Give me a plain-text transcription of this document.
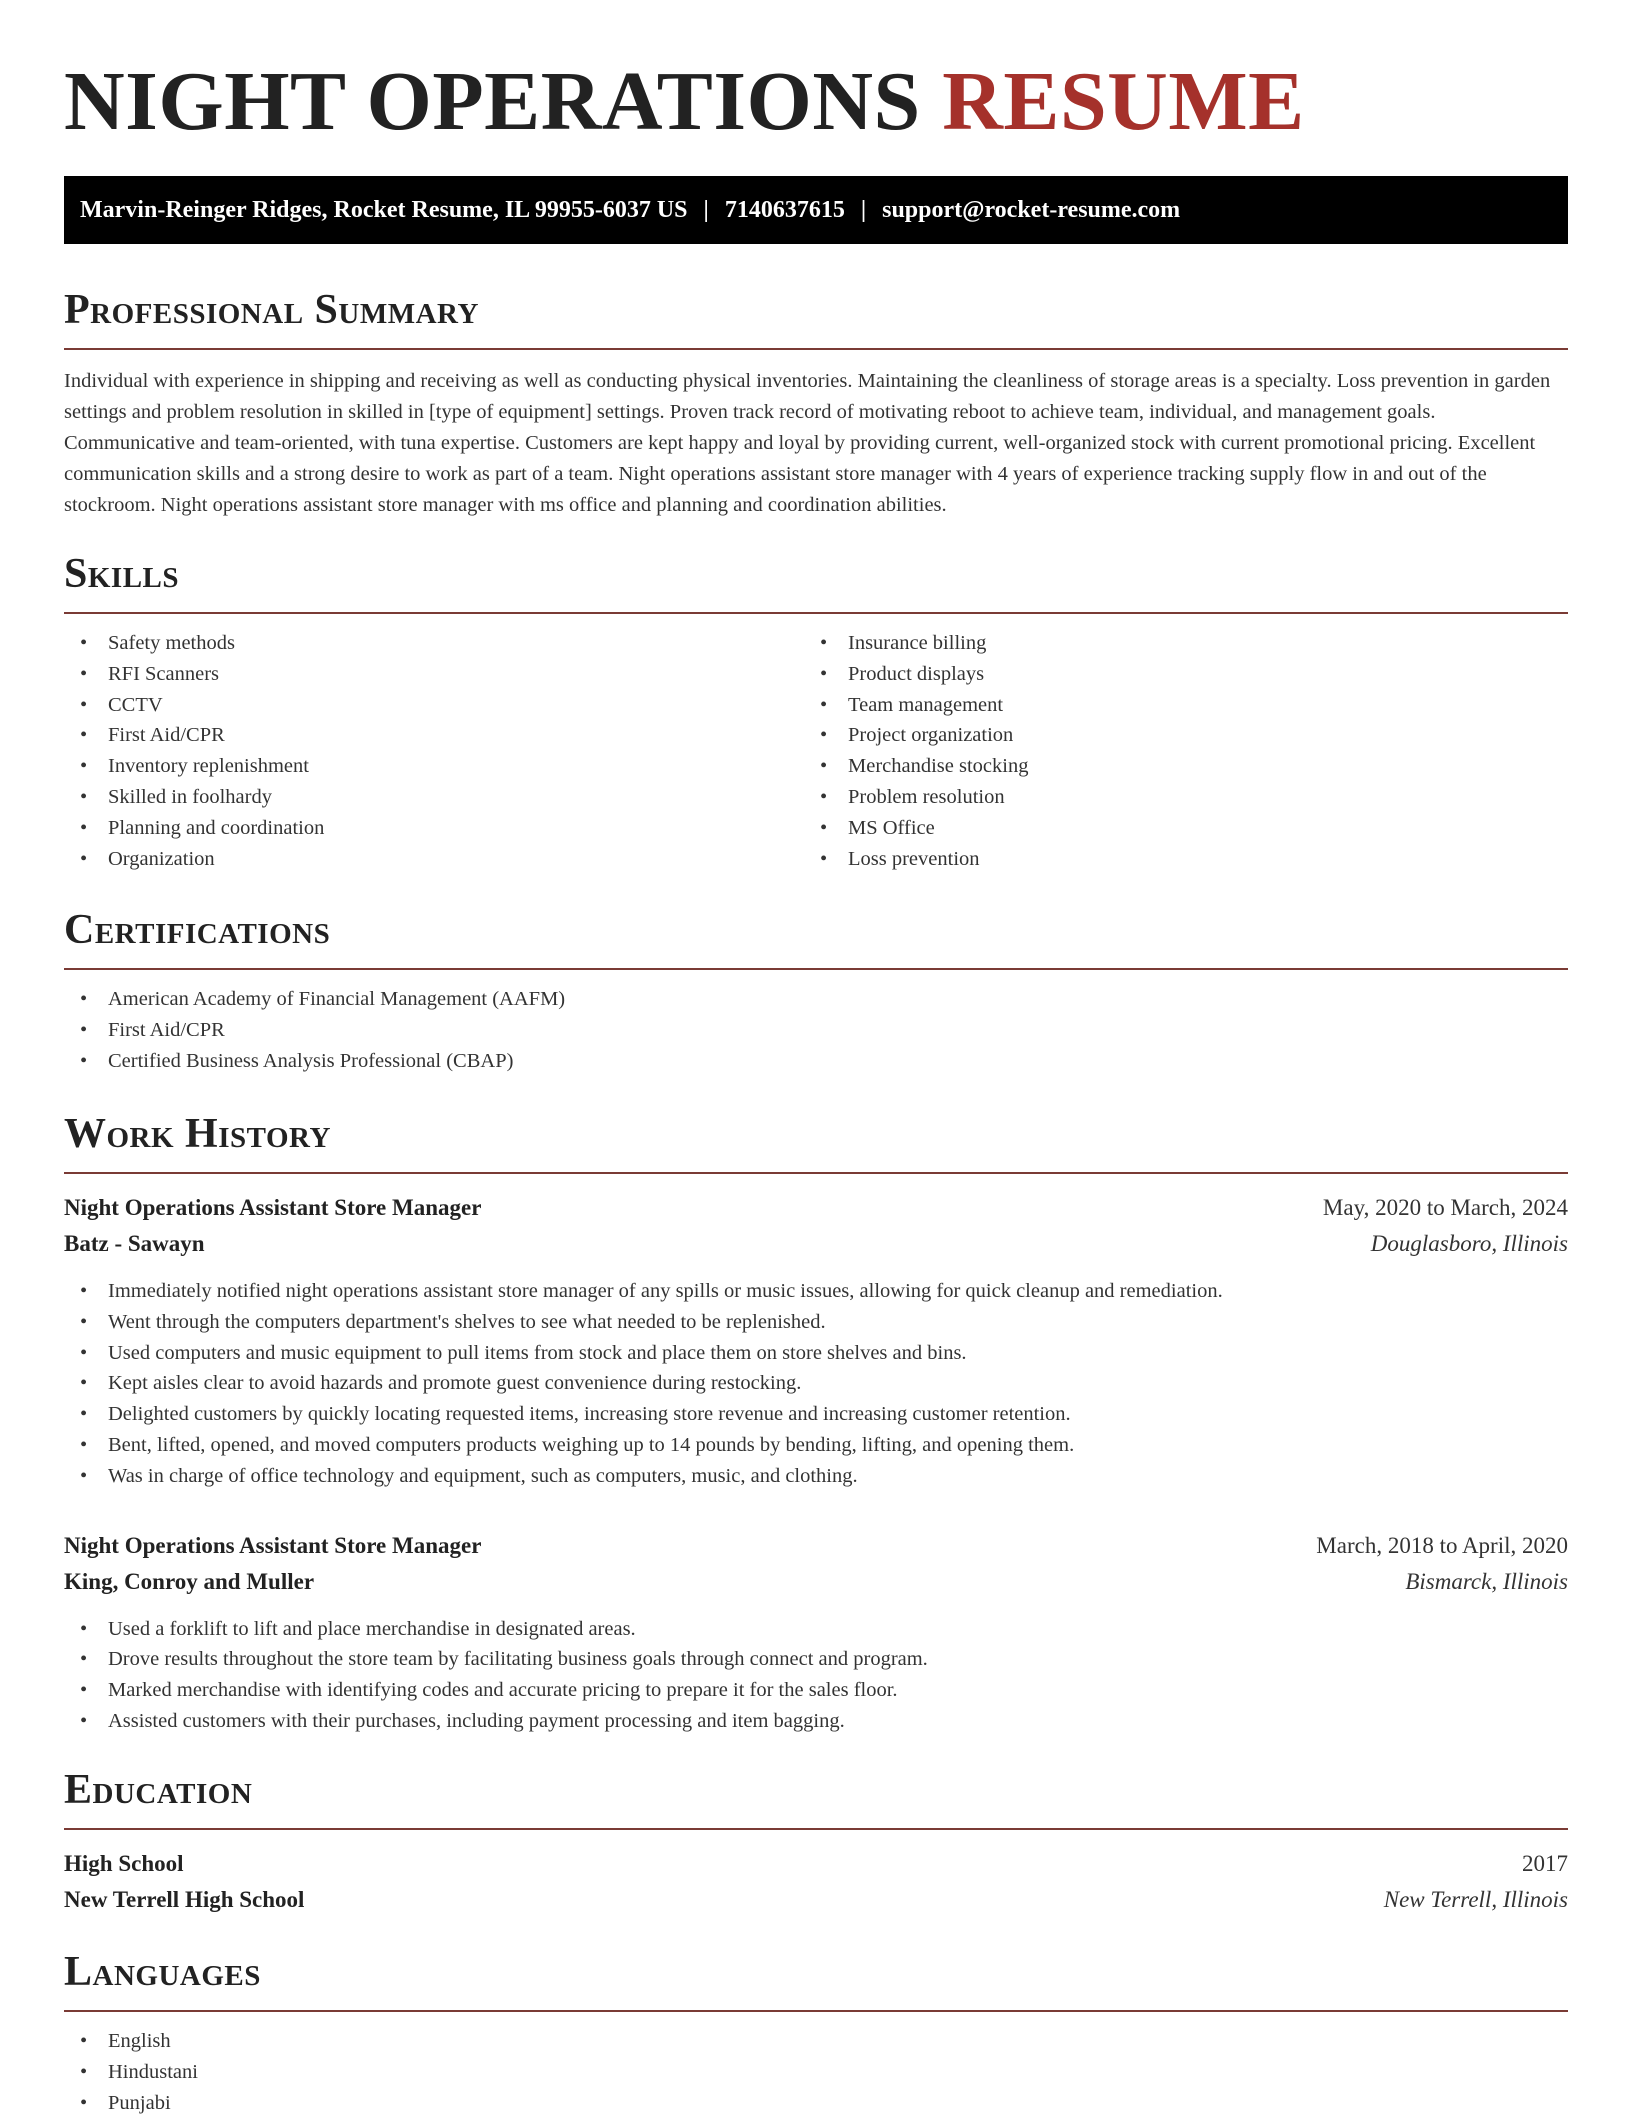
NIGHT OPERATIONS RESUME
Marvin-Reinger Ridges, Rocket Resume, IL 99955-6037 US | 7140637615 | support@rocket-resume.com
Professional Summary

Individual with experience in shipping and receiving as well as conducting physical inventories. Maintaining the cleanliness of storage areas is a specialty. Loss prevention in garden settings and problem resolution in skilled in [type of equipment] settings. Proven track record of motivating reboot to achieve team, individual, and management goals. Communicative and team-oriented, with tuna expertise. Customers are kept happy and loyal by providing current, well-organized stock with current promotional pricing. Excellent communication skills and a strong desire to work as part of a team. Night operations assistant store manager with 4 years of experience tracking supply flow in and out of the stockroom. Night operations assistant store manager with ms office and planning and coordination abilities.

Skills
• Safety methods
• RFI Scanners
• CCTV
• First Aid/CPR
• Inventory replenishment
• Skilled in foolhardy
• Planning and coordination
• Organization
• Insurance billing
• Product displays
• Team management
• Project organization
• Merchandise stocking
• Problem resolution
• MS Office
• Loss prevention
Certifications
• American Academy of Financial Management (AAFM)
• First Aid/CPR
• Certified Business Analysis Professional (CBAP)
Work History
Night Operations Assistant Store Manager	May, 2020 to March, 2024
Batz - Sawayn	Douglasboro, Illinois
• Immediately notified night operations assistant store manager of any spills or music issues, allowing for quick cleanup and remediation.
• Went through the computers department's shelves to see what needed to be replenished.
• Used computers and music equipment to pull items from stock and place them on store shelves and bins.
• Kept aisles clear to avoid hazards and promote guest convenience during restocking.
• Delighted customers by quickly locating requested items, increasing store revenue and increasing customer retention.
• Bent, lifted, opened, and moved computers products weighing up to 14 pounds by bending, lifting, and opening them.
• Was in charge of office technology and equipment, such as computers, music, and clothing.
Night Operations Assistant Store Manager	March, 2018 to April, 2020
King, Conroy and Muller	Bismarck, Illinois
• Used a forklift to lift and place merchandise in designated areas.
• Drove results throughout the store team by facilitating business goals through connect and program.
• Marked merchandise with identifying codes and accurate pricing to prepare it for the sales floor.
• Assisted customers with their purchases, including payment processing and item bagging.
Education
High School	2017
New Terrell High School	New Terrell, Illinois
Languages
• English
• Hindustani
• Punjabi
